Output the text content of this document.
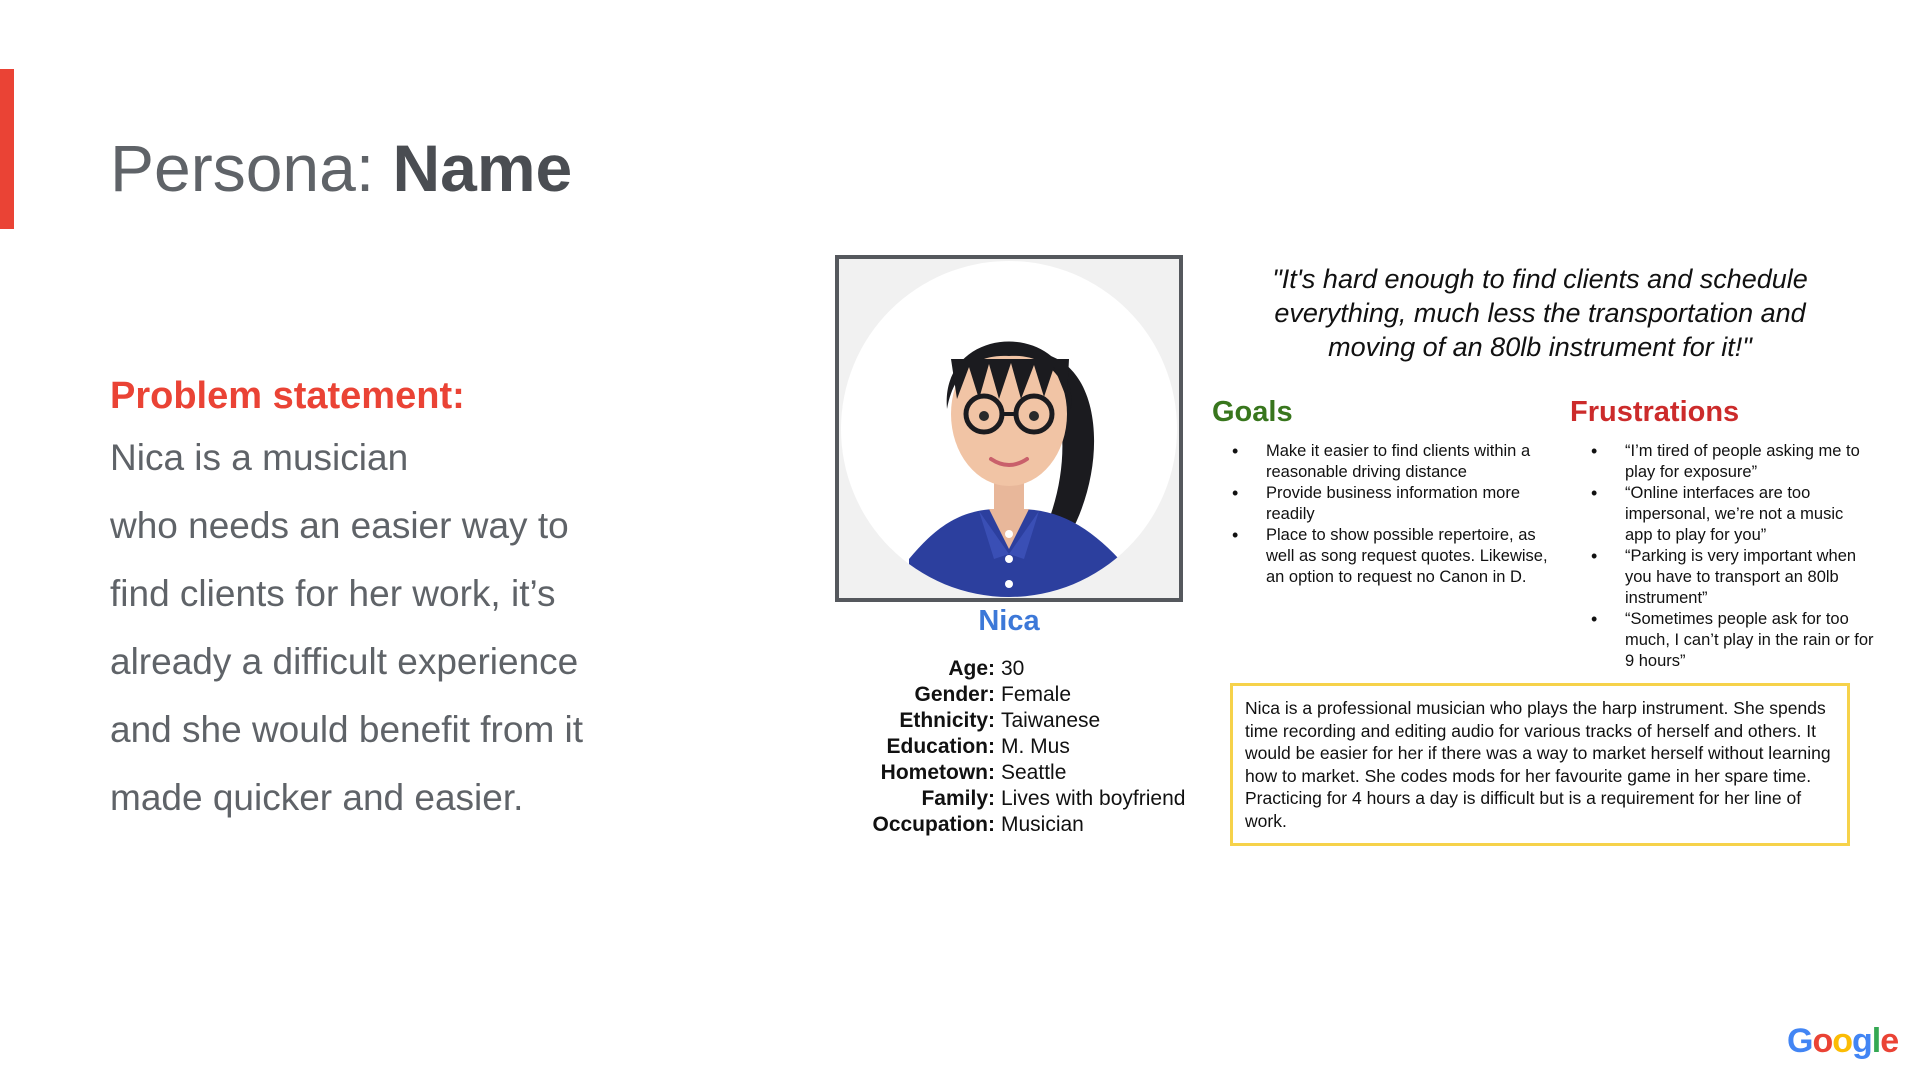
Persona: Name
Problem statement:
Nica is a musician
who needs an easier way to
find clients for her work, it’s
already a difficult experience
and she would benefit from it
made quicker and easier.
Nica
Age: 30
Gender: Female
Ethnicity: Taiwanese
Education: M. Mus
Hometown: Seattle
Family: Lives with boyfriend
Occupation: Musician
"It's hard enough to find clients and schedule everything, much less the transportation and moving of an 80lb instrument for it!"
Goals
• Make it easier to find clients within a reasonable driving distance
• Provide business information more readily
• Place to show possible repertoire, as well as song request quotes. Likewise, an option to request no Canon in D.
Frustrations
• “I’m tired of people asking me to play for exposure”
• “Online interfaces are too impersonal, we’re not a music app to play for you”
• “Parking is very important when you have to transport an 80lb instrument”
• “Sometimes people ask for too much, I can’t play in the rain or for 9 hours”
Nica is a professional musician who plays the harp instrument. She spends time recording and editing audio for various tracks of herself and others. It would be easier for her if there was a way to market herself without learning how to market. She codes mods for her favourite game in her spare time. Practicing for 4 hours a day is difficult but is a requirement for her line of work.
Google
